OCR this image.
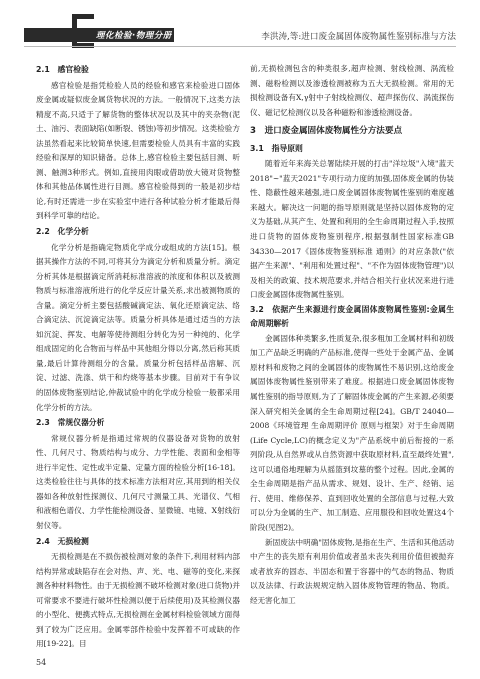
理化检验·物理分册	李洪涛,等:进口废金属固体废物属性鉴别标准与方法
2.1　感官检验
感官检验是指凭检验人员的经验和感官来检验进口固体废金属或疑似废金属货物状况的方法。一般情况下,这类方法精度不高,只适于了解货物的整体状况以及其中的夹杂物(泥土、油污、表面缺陷(如断裂、锈蚀)等初步情况。这类检验方法虽然看起来比较简单快速,但需要检验人员具有丰富的实践经验和深厚的知识储备。总体上,感官检验主要包括目测、听测、触测3种形式。例如,直接用肉眼或借助放大镜对货物整体和其他品体属性进行目测。感官检验得到的一般是初步结论,有时还需进一步在实验室中进行各种试验分析才能最后得到科学可靠的结论。
2.2　化学分析
化学分析是指确定物质化学成分或组成的方法[15]。根据其操作方法的不同,可将其分为滴定分析和质量分析。滴定分析其体是根据滴定所消耗标准溶液的浓度和体积以及被测物质与标准溶液所进行的化学反应计量关系,求出被测物质的含量。滴定分析主要包括酸碱滴定法、氧化还原滴定法、络合滴定法、沉淀滴定法等。质量分析具体是通过适当的方法如沉淀、挥发、电解等使待测组分转化为另一种纯的、化学组成固定的化合物而与样品中其他组分得以分离,然后称其质量,最后计算待测组分的含量。质量分析包括样品溶解、沉淀、过滤、洗涤、烘干和灼烧等基本步骤。目前对于有争议的固体废物鉴别结论,仲裁试验中的化学成分检验一般都采用化学分析的方法。
2.3　常规仪器分析
常规仪器分析是指通过常规的仪器设备对货物的放射性、几何尺寸、物质结构与成分、力学性能、表面和金相等进行半定性、定性或半定量、定量方面的检验分析[16-18]。这类检验往往与具体的技术标准方法相对应,其用到的相关仪器如各种放射性探测仪、几何尺寸测量工具、光谱仪、气相和液相色谱仪、力学性能检测设备、显微镜、电镜、X射线衍射仪等。
2.4　无损检测
无损检测是在不损伤被检测对象的条件下,利用材料内部结构异常或缺陷存在会对热、声、光、电、磁等的变化,来探测各种材料物性。由于无损检测不破坏检测对象(进口货物)并可常要求不要进行破坏性检测以便于后续使用)及其检测仪器的小型化、便携式特点,无损检测在金属材料检验领域方面得到了较为广泛应用。金属零部件检验中发挥着不可或缺的作用[19-22]。目
前,无损检测包含的种类很多,超声检测、射线检测、涡流检测、磁粉检测以及渗透检测被称为五大无损检测。常用的无损检测设备有X,γ射中子射线检测仪、超声探伤仪、涡流探伤仪、磁记忆检测仪以及各种磁粉和渗透检测设备。
3　进口废金属固体废物属性分方法要点
3.1　指导原则
随着近年来海关总署陆续开展的打击"洋垃圾"入境"蓝天2018"~"蓝天2021"专项行动力度的加强,固体废金属的伪装性、隐蔽性越来越强,进口废金属固体废物属性鉴别的难度越来越大。解决这一问题的指导原则就是坚持以固体废物的定义为基础,从其产生、处置和利用的全生命周期过程入手,按照进口货物的固体废物鉴别程序,根据强制性国家标准GB 34330—2017《固体废物鉴别标准 通则》的对应条款("依据产生来源"、"利用和处置过程"、"不作为固体废物管理")以及相关的政策、技术规范要求,并结合相关行业状况来进行进口废金属固体废物属性鉴别。
3.2　依据产生来源进行废金属固体废物属性鉴别:金属生命周期解析
金属固体种类繁多,性质复杂,很多粗加工金属材料和初级加工产品缺乏明确的产品标准,使得一些处于金属产品、金属原材料和废物之间的金属固体的废物属性不易识别,这给废金属固体废物属性鉴别带来了难度。根据进口废金属固体废物属性鉴别的指导原则,为了了解固体废金属的产生来源,必须要深入研究相关金属的全生命周期过程[24]。GB/T 24040—2008《环境管理 生命周期评价 原则与框架》对于生命周期(Life Cycle,LC)的概念定义为"产品系统中前后衔接的一系列阶段,从自然界或从自然资源中获取原材料,直至最终处置",这可以通俗地理解为从摇篮到坟墓的整个过程。因此,金属的全生命周期是指产品从需求、规划、设计、生产、经销、运行、使用、维修保养、直到回收处置的全部信息与过程,大致可以分为金属的生产、加工制造、应用服役和回收处置这4个阶段(见图2)。
新固废法中明确"固体废物,是指在生产、生活和其他活动中产生的丧失原有利用价值或者虽未丧失利用价值但被抛弃或者放弃的固态、半固态和置于容器中的气态的物品、物质以及法律、行政法规规定纳入固体废物管理的物品、物质。经无害化加工
54
